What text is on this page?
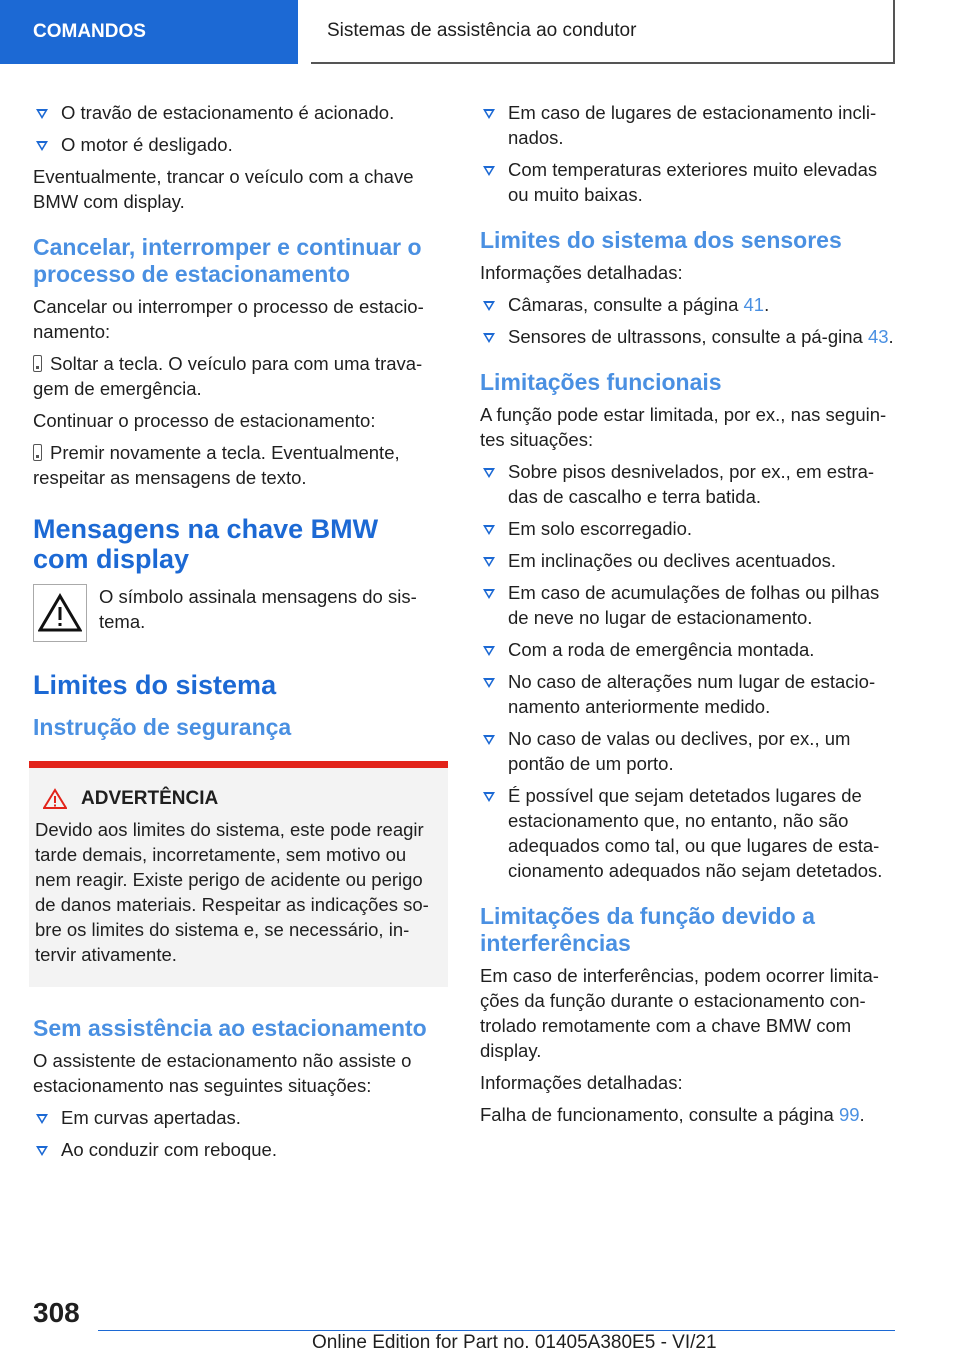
COMANDOS	Sistemas de assistência ao condutor
O travão de estacionamento é acionado.
O motor é desligado.

Eventualmente, trancar o veículo com a chave BMW com display.

Cancelar, interromper e continuar o processo de estacionamento

Cancelar ou interromper o processo de estacio-namento:

Soltar a tecla. O veículo para com uma trava-gem de emergência.

Continuar o processo de estacionamento:

Premir novamente a tecla. Eventualmente, respeitar as mensagens de texto.

Mensagens na chave BMW com display

O símbolo assinala mensagens do sis-tema.

Limites do sistema
Instrução de segurança
ADVERTÊNCIA

Devido aos limites do sistema, este pode reagir tarde demais, incorretamente, sem motivo ou nem reagir. Existe perigo de acidente ou perigo de danos materiais. Respeitar as indicações so-bre os limites do sistema e, se necessário, in-tervir ativamente.

Sem assistência ao estacionamento

O assistente de estacionamento não assiste o estacionamento nas seguintes situações:

Em curvas apertadas.
Ao conduzir com reboque.
Em caso de lugares de estacionamento incli-nados.
Com temperaturas exteriores muito elevadas ou muito baixas.
Limites do sistema dos sensores

Informações detalhadas:

Câmaras, consulte a página 41.
Sensores de ultrassons, consulte a pá-gina 43.
Limitações funcionais

A função pode estar limitada, por ex., nas seguin-tes situações:

Sobre pisos desnivelados, por ex., em estra-das de cascalho e terra batida.
Em solo escorregadio.
Em inclinações ou declives acentuados.
Em caso de acumulações de folhas ou pilhas de neve no lugar de estacionamento.
Com a roda de emergência montada.
No caso de alterações num lugar de estacio-namento anteriormente medido.
No caso de valas ou declives, por ex., um pontão de um porto.
É possível que sejam detetados lugares de estacionamento que, no entanto, não são adequados como tal, ou que lugares de esta-cionamento adequados não sejam detetados.
Limitações da função devido a interferências

Em caso de interferências, podem ocorrer limita-ções da função durante o estacionamento con-trolado remotamente com a chave BMW com display.

Informações detalhadas:

Falha de funcionamento, consulte a página 99.

308
Online Edition for Part no. 01405A380E5 - VI/21
